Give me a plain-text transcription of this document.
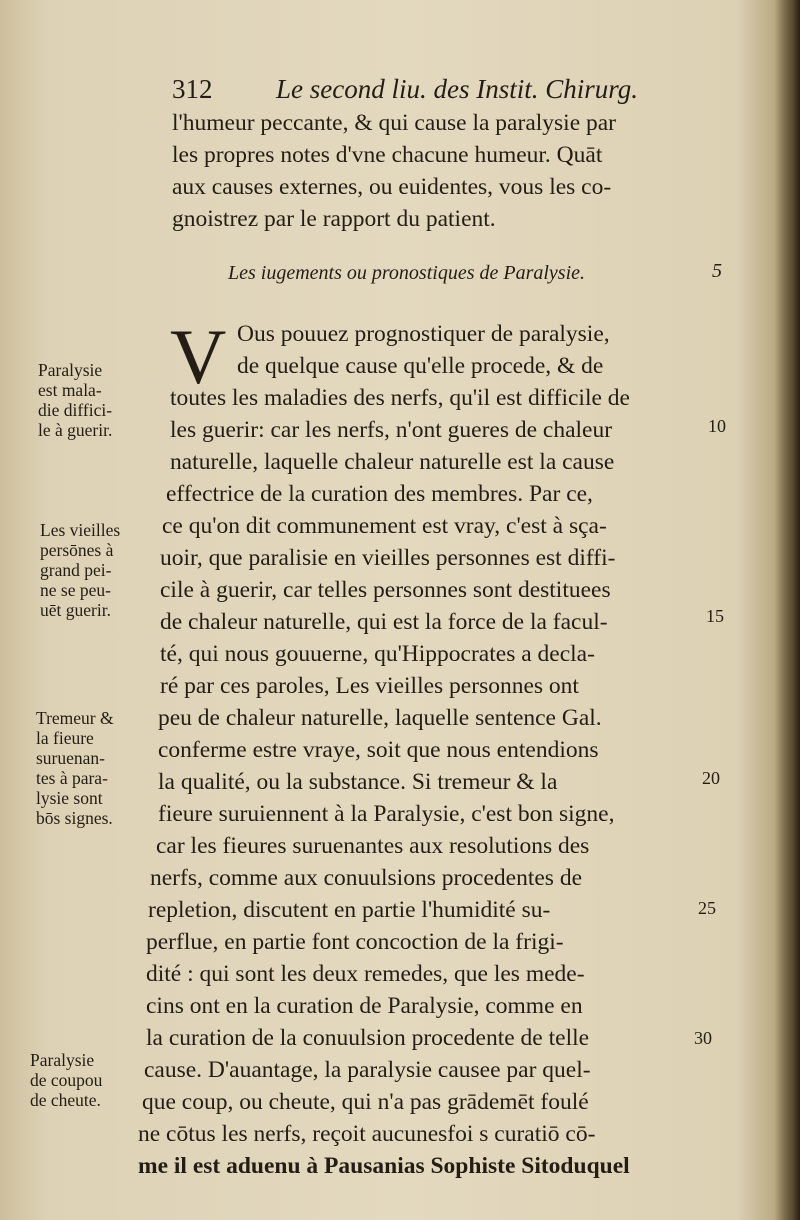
312 Le second liu. des Instit. Chirurg.
l'humeur peccante, & qui cause la paralysie par
les propres notes d'vne chacune humeur. Quāt
aux causes externes, ou euidentes, vous les co-
gnoistrez par le rapport du patient.
Les iugements ou pronostiques de Paralysie.	5
V Ous pouuez prognostiquer de paralysie,
de quelque cause qu'elle procede, & de
toutes les maladies des nerfs, qu'il est difficile de
les guerir: car les nerfs, n'ont gueres de chaleur
naturelle, laquelle chaleur naturelle est la cause
effectrice de la curation des membres. Par ce,
ce qu'on dit communement est vray, c'est à sça-
uoir, que paralisie en vieilles personnes est diffi-
cile à guerir, car telles personnes sont destituees
de chaleur naturelle, qui est la force de la facul-
té, qui nous gouuerne, qu'Hippocrates a decla-
ré par ces paroles, Les vieilles personnes ont
peu de chaleur naturelle, laquelle sentence Gal.
conferme estre vraye, soit que nous entendions
la qualité, ou la substance. Si tremeur & la
fieure suruiennent à la Paralysie, c'est bon signe,
car les fieures suruenantes aux resolutions des
nerfs, comme aux conuulsions procedentes de
repletion, discutent en partie l'humidité su-
perflue, en partie font concoction de la frigi-
dité : qui sont les deux remedes, que les mede-
cins ont en la curation de Paralysie, comme en
la curation de la conuulsion procedente de telle
cause. D'auantage, la paralysie causee par quel-
que coup, ou cheute, qui n'a pas grādemēt foulé
ne cōtus les nerfs, reçoit aucunesfoi s curatiō cō-
me il est aduenu à Pausanias Sophiste Sitoduquel
Paralysie
est mala-
die diffici-
le à guerir.
Les vieilles
persōnes à
grand pei-
ne se peu-
uēt guerir.
Tremeur &
la fieure
suruenan-
tes à para-
lysie sont
bōs signes.
Paralysie
de coupou
de cheute.
10
15
20
25
30
